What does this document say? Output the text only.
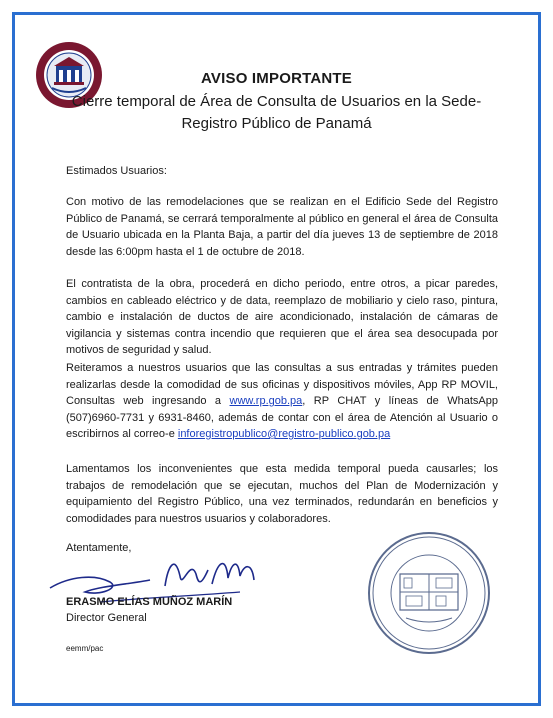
AVISO IMPORTANTE
Cierre temporal de Área de Consulta de Usuarios en la Sede-
Registro Público de Panamá
Estimados Usuarios:
Con motivo de las remodelaciones que se realizan en el Edificio Sede del Registro Público de Panamá, se cerrará temporalmente al público en general el área de Consulta de Usuario ubicada en la Planta Baja, a partir del día jueves 13 de septiembre de 2018 desde las 6:00pm hasta el 1 de octubre de 2018.
El contratista de la obra, procederá en dicho periodo, entre otros, a picar paredes, cambios en cableado eléctrico y de data, reemplazo de mobiliario y cielo raso, pintura, cambio e instalación de ductos de aire acondicionado, instalación de cámaras de vigilancia y sistemas contra incendio que requieren que el área sea desocupada por motivos de seguridad y salud.
Reiteramos a nuestros usuarios que las consultas a sus entradas y trámites pueden realizarlas desde la comodidad de sus oficinas y dispositivos móviles, App RP MOVIL, Consultas web ingresando a www.rp.gob.pa, RP CHAT y líneas de WhatsApp (507)6960-7731 y 6931-8460, además de contar con el área de Atención al Usuario o escribirnos al correo-e inforegistropublico@registro-publico.gob.pa
Lamentamos los inconvenientes que esta medida temporal pueda causarles; los trabajos de remodelación que se ejecutan, muchos del Plan de Modernización y equipamiento del Registro Público, una vez terminados, redundarán en beneficios y comodidades para nuestros usuarios y colaboradores.
Atentamente,
ERASMO ELÍAS MUÑOZ MARÍN
Director General
eemm/pac
